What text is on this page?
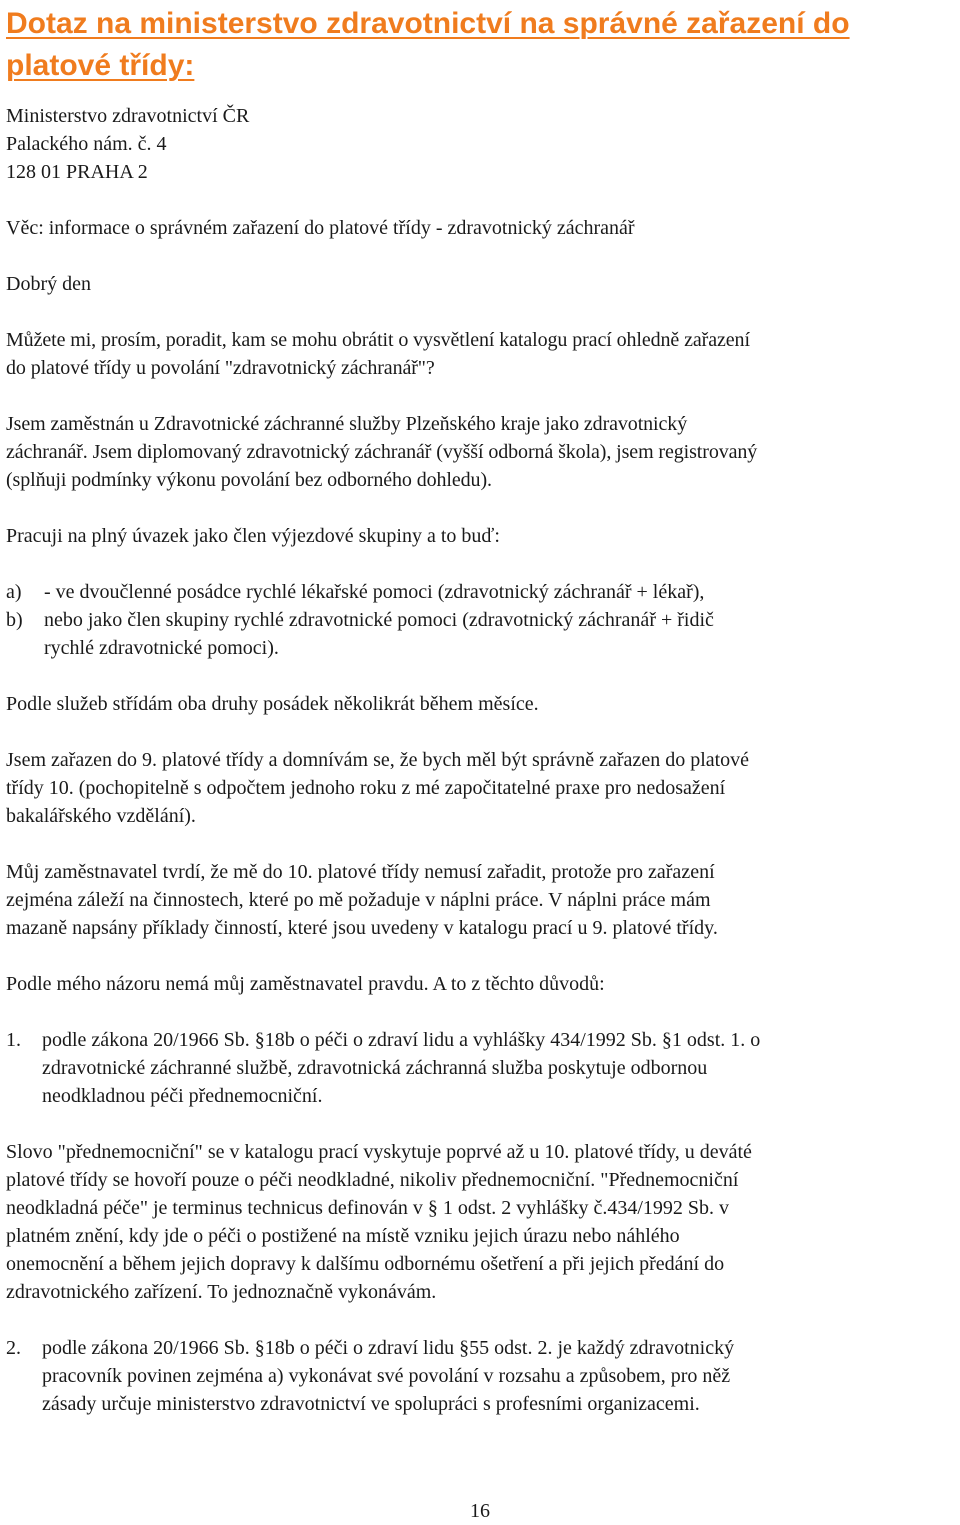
Dotaz na ministerstvo zdravotnictví na správné zařazení do
platové třídy:
Ministerstvo zdravotnictví ČR
Palackého nám. č. 4
128 01 PRAHA 2

Věc: informace o správném zařazení do platové třídy - zdravotnický záchranář

Dobrý den

Můžete mi, prosím, poradit, kam se mohu obrátit o vysvětlení katalogu prací ohledně zařazení
do platové třídy u povolání "zdravotnický záchranář"?

Jsem zaměstnán u Zdravotnické záchranné služby Plzeňského kraje jako zdravotnický
záchranář. Jsem diplomovaný zdravotnický záchranář (vyšší odborná škola), jsem registrovaný
(splňuji podmínky výkonu povolání bez odborného dohledu).

Pracuji na plný úvazek jako člen výjezdové skupiny a to buď:

a)	- ve dvoučlenné posádce rychlé lékařské pomoci (zdravotnický záchranář + lékař),
b)	nebo jako člen skupiny rychlé zdravotnické pomoci (zdravotnický záchranář + řidič
rychlé zdravotnické pomoci).

Podle služeb střídám oba druhy posádek několikrát během měsíce.

Jsem zařazen do 9. platové třídy a domnívám se, že bych měl být správně zařazen do platové
třídy 10. (pochopitelně s odpočtem jednoho roku z mé započitatelné praxe pro nedosažení
bakalářského vzdělání).

Můj zaměstnavatel tvrdí, že mě do 10. platové třídy nemusí zařadit, protože pro zařazení
zejména záleží na činnostech, které po mě požaduje v náplni práce. V náplni práce mám
mazaně napsány příklady činností, které jsou uvedeny v katalogu prací u 9. platové třídy.

Podle mého názoru nemá můj zaměstnavatel pravdu. A to z těchto důvodů:

1.	podle zákona 20/1966 Sb. §18b o péči o zdraví lidu a vyhlášky 434/1992 Sb. §1 odst. 1. o
zdravotnické záchranné službě, zdravotnická záchranná služba poskytuje odbornou
neodkladnou péči přednemocniční.

Slovo "přednemocniční" se v katalogu prací vyskytuje poprvé až u 10. platové třídy, u deváté
platové třídy se hovoří pouze o péči neodkladné, nikoliv přednemocniční. "Přednemocniční
neodkladná péče" je terminus technicus definován v § 1 odst. 2 vyhlášky č.434/1992 Sb. v
platném znění, kdy jde o péči o postižené na místě vzniku jejich úrazu nebo náhlého
onemocnění a během jejich dopravy k dalšímu odbornému ošetření a při jejich předání do
zdravotnického zařízení. To jednoznačně vykonávám.

2.	podle zákona 20/1966 Sb. §18b o péči o zdraví lidu §55 odst. 2. je každý zdravotnický
pracovník povinen zejména a) vykonávat své povolání v rozsahu a způsobem, pro něž
zásady určuje ministerstvo zdravotnictví ve spolupráci s profesními organizacemi.
16
